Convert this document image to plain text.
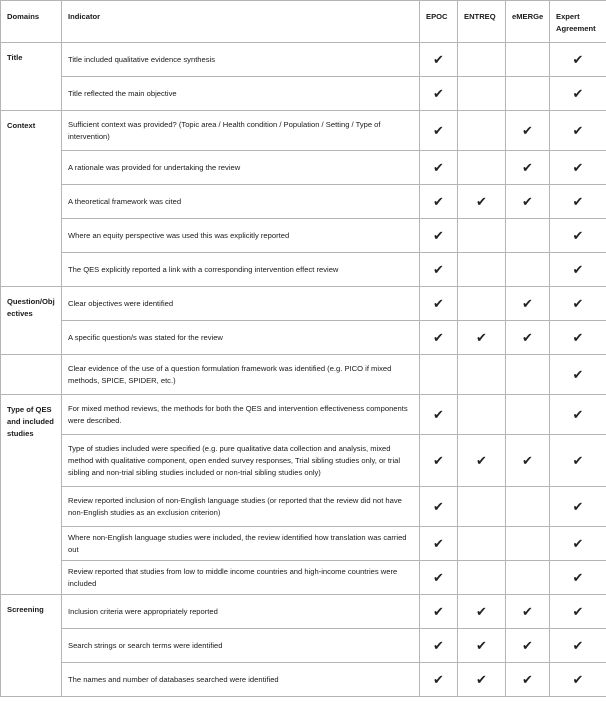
Domains	Indicator	EPOC	ENTREQ	eMERGe	Expert Agreement
Title	Title included qualitative evidence synthesis	✔			✔
	Title reflected the main objective	✔			✔
Context	Sufficient context was provided? (Topic area / Health condition / Population / Setting / Type of intervention)	✔		✔	✔
	A rationale was provided for undertaking the review	✔		✔	✔
	A theoretical framework was cited	✔	✔	✔	✔
	Where an equity perspective was used this was explicitly reported	✔			✔
	The QES explicitly reported a link with a corresponding intervention effect review	✔			✔
Question/Obj ectives	Clear objectives were identified	✔		✔	✔
	A specific question/s was stated for the review	✔	✔	✔	✔
	Clear evidence of the use of a question formulation framework was identified (e.g. PICO if mixed methods, SPICE, SPIDER, etc.)				✔
Type of QES and included studies	For mixed method reviews, the methods for both the QES and intervention effectiveness components were described.	✔			✔
	Type of studies included were specified (e.g. pure qualitative data collection and analysis, mixed method with qualitative component, open ended survey responses, Trial sibling studies only, or trial sibling and non-trial sibling studies included or non-trial sibling studies only)	✔	✔	✔	✔
	Review reported inclusion of non-English language studies (or reported that the review did not have non-English studies as an exclusion criterion)	✔			✔
	Where non-English language studies were included, the review identified how translation was carried out	✔			✔
	Review reported that studies from low to middle income countries and high-income countries were included	✔			✔
Screening	Inclusion criteria were appropriately reported	✔	✔	✔	✔
	Search strings or search terms were identified	✔	✔	✔	✔
	The names and number of databases searched were identified	✔	✔	✔	✔
